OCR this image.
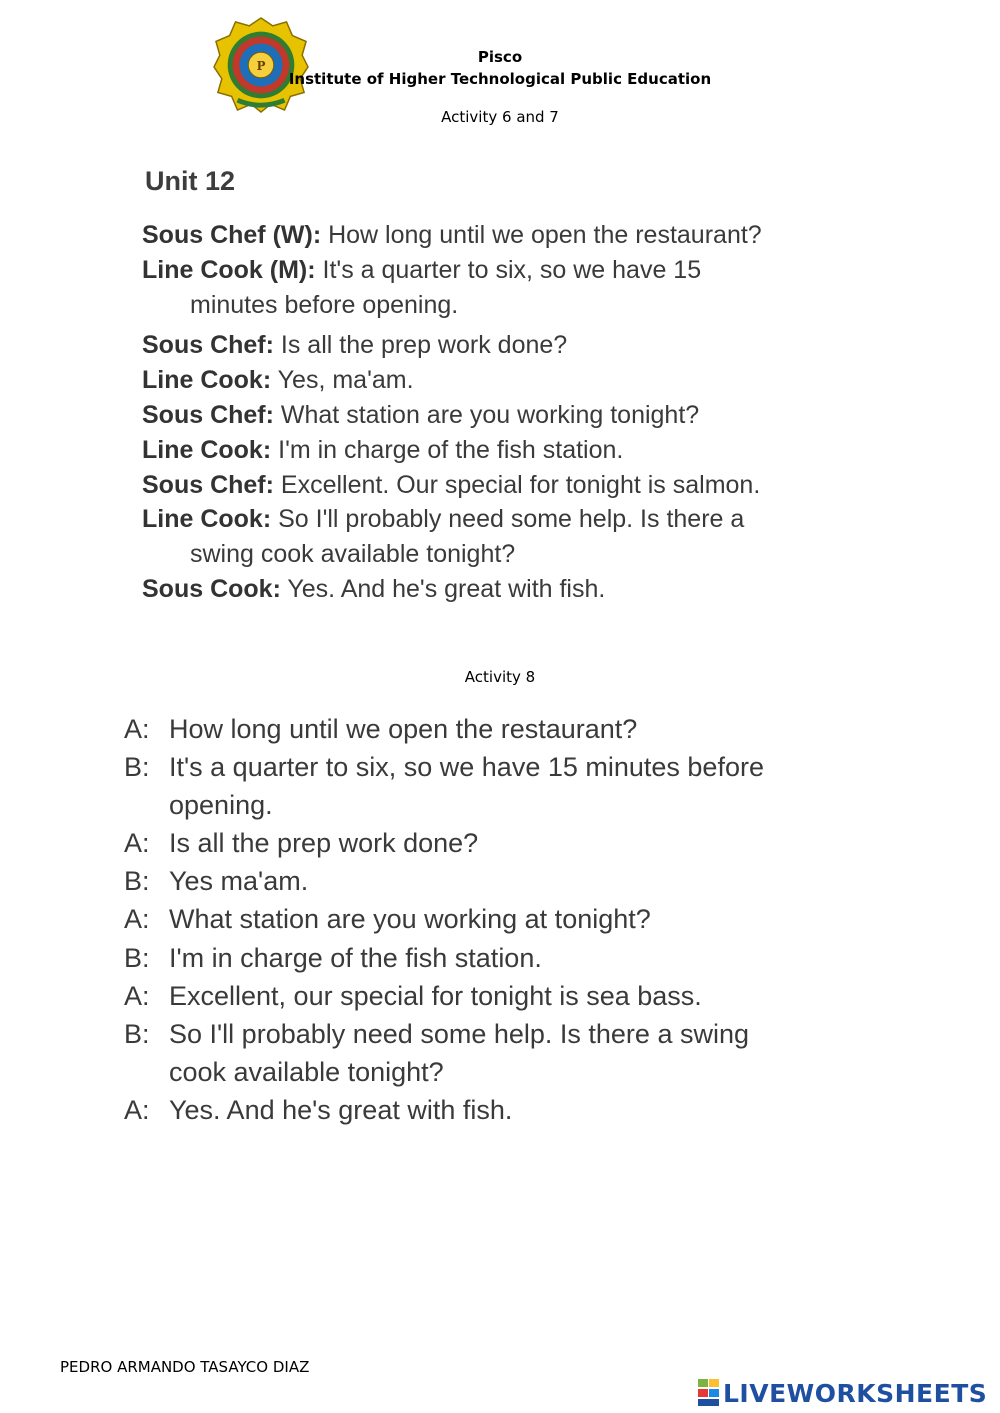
P	Pisco
Institute of Higher Technological Public Education
Activity 6 and 7
Unit 12
Sous Chef (W): How long until we open the restaurant?
Line Cook (M): It's a quarter to six, so we have 15
minutes before opening.
Sous Chef: Is all the prep work done?
Line Cook: Yes, ma'am.
Sous Chef: What station are you working tonight?
Line Cook: I'm in charge of the fish station.
Sous Chef: Excellent. Our special for tonight is salmon.
Line Cook: So I'll probably need some help. Is there a
swing cook available tonight?
Sous Cook: Yes. And he's great with fish.
Activity 8
A: How long until we open the restaurant?
B: It's a quarter to six, so we have 15 minutes before
opening.
A: Is all the prep work done?
B: Yes ma'am.
A: What station are you working at tonight?
B: I'm in charge of the fish station.
A: Excellent, our special for tonight is sea bass.
B: So I'll probably need some help. Is there a swing
cook available tonight?
A: Yes. And he's great with fish.
PEDRO ARMANDO TASAYCO DIAZ
LIVEWORKSHEETS
